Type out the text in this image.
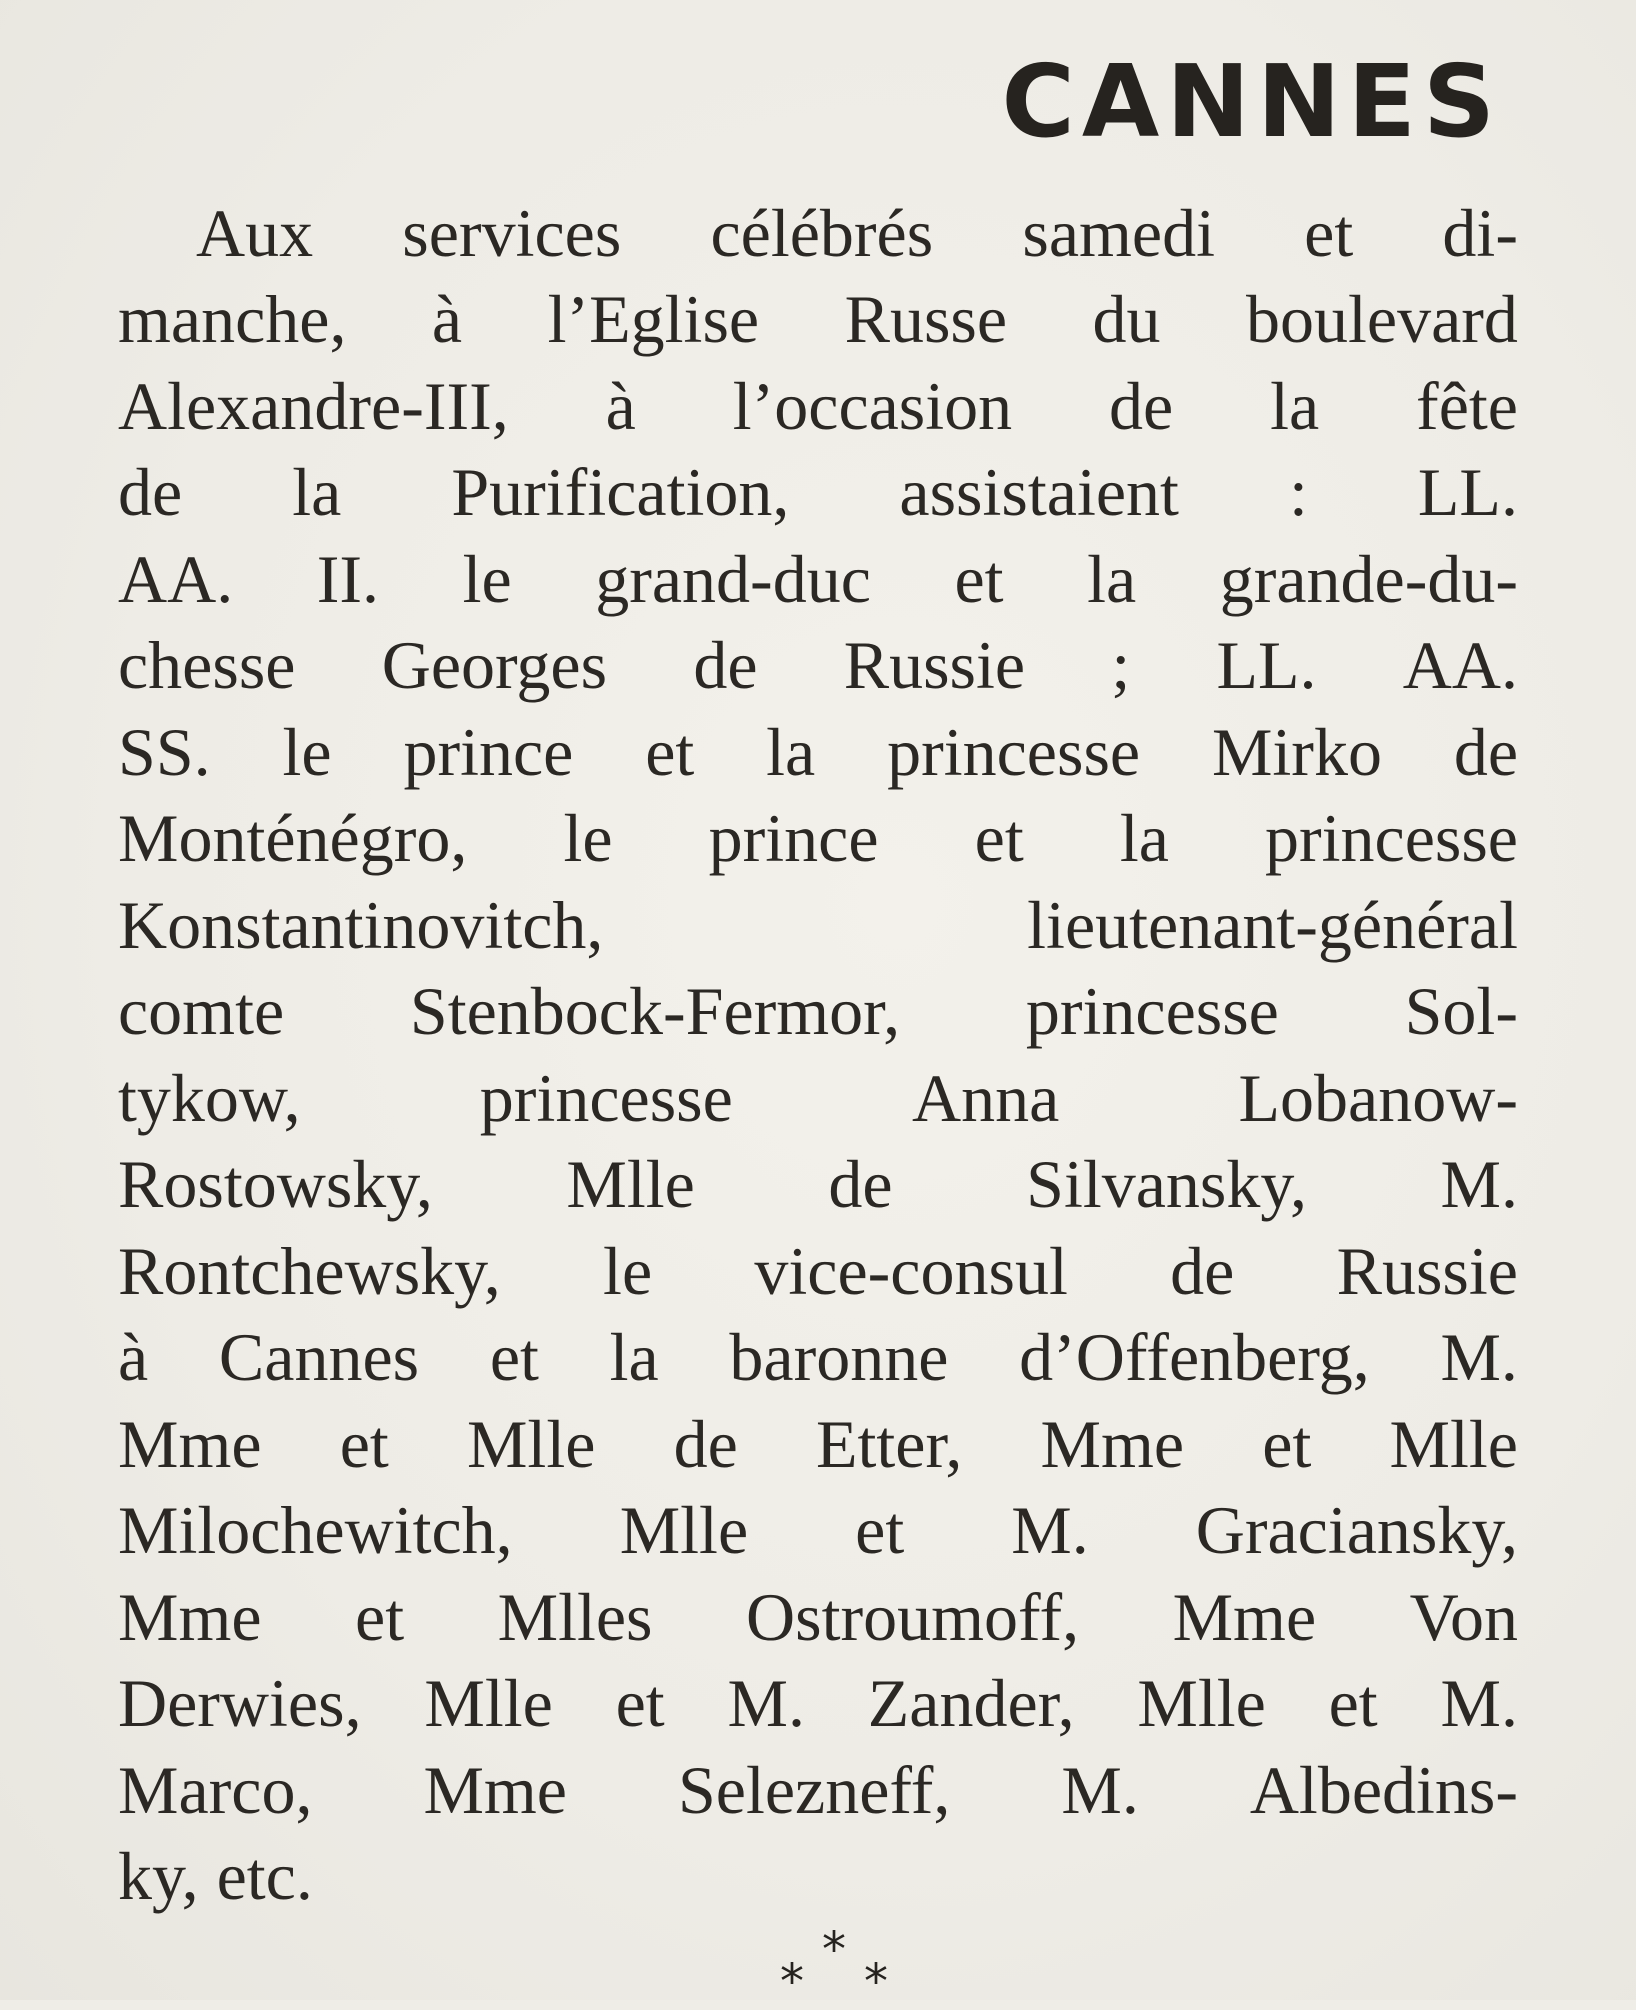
CANNES
Aux services célébrés samedi et di-
manche, à l’Eglise Russe du boulevard
Alexandre-III, à l’occasion de la fête
de la Purification, assistaient : LL.
AA. II. le grand-duc et la grande-du-
chesse Georges de Russie ; LL. AA.
SS. le prince et la princesse Mirko de
Monténégro, le prince et la princesse
Konstantinovitch,	lieutenant-général
comte Stenbock-Fermor, princesse Sol-
tykow,	princesse	Anna	Lobanow-
Rostowsky, Mlle de Silvansky, M.
Rontchewsky, le vice-consul de Russie
à Cannes et la baronne d’Offenberg, M.
Mme et Mlle de Etter, Mme et Mlle
Milochewitch, Mlle et M. Graciansky,
Mme et Mlles Ostroumoff, Mme Von
Derwies, Mlle et M. Zander, Mlle et M.
Marco, Mme Selezneff, M. Albedins-
ky, etc.
*
* *
